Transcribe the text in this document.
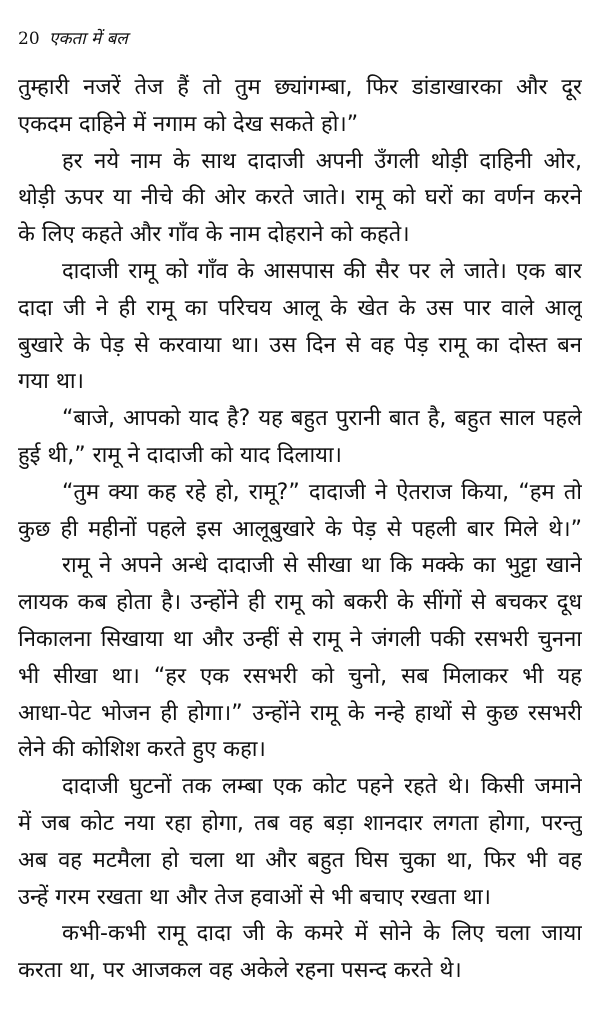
20 एकता में बल
तुम्हारी नजरें तेज हैं तो तुम छ्यांगम्बा, फिर डांडाखारका और दूर
एकदम दाहिने में नगाम को देख सकते हो।”
हर नये नाम के साथ दादाजी अपनी उँगली थोड़ी दाहिनी ओर,
थोड़ी ऊपर या नीचे की ओर करते जाते। रामू को घरों का वर्णन करने
के लिए कहते और गाँव के नाम दोहराने को कहते।
दादाजी रामू को गाँव के आसपास की सैर पर ले जाते। एक बार
दादा जी ने ही रामू का परिचय आलू के खेत के उस पार वाले आलू
बुखारे के पेड़ से करवाया था। उस दिन से वह पेड़ रामू का दोस्त बन
गया था।
“बाजे, आपको याद है? यह बहुत पुरानी बात है, बहुत साल पहले
हुई थी,” रामू ने दादाजी को याद दिलाया।
“तुम क्या कह रहे हो, रामू?” दादाजी ने ऐतराज किया, “हम तो
कुछ ही महीनों पहले इस आलूबुखारे के पेड़ से पहली बार मिले थे।”
रामू ने अपने अन्धे दादाजी से सीखा था कि मक्के का भुट्टा खाने
लायक कब होता है। उन्होंने ही रामू को बकरी के सींगों से बचकर दूध
निकालना सिखाया था और उन्हीं से रामू ने जंगली पकी रसभरी चुनना
भी सीखा था। “हर एक रसभरी को चुनो, सब मिलाकर भी यह
आधा-पेट भोजन ही होगा।” उन्होंने रामू के नन्हे हाथों से कुछ रसभरी
लेने की कोशिश करते हुए कहा।
दादाजी घुटनों तक लम्बा एक कोट पहने रहते थे। किसी जमाने
में जब कोट नया रहा होगा, तब वह बड़ा शानदार लगता होगा, परन्तु
अब वह मटमैला हो चला था और बहुत घिस चुका था, फिर भी वह
उन्हें गरम रखता था और तेज हवाओं से भी बचाए रखता था।
कभी-कभी रामू दादा जी के कमरे में सोने के लिए चला जाया
करता था, पर आजकल वह अकेले रहना पसन्द करते थे।
